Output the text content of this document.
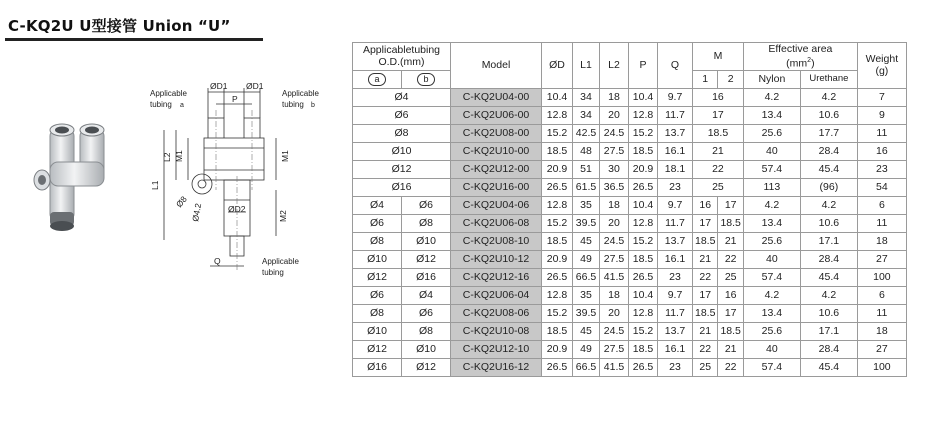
C-KQ2U U型接管 Union “U”
ØD1 ØD1
P
Applicable
tubing a
Applicable
tubing b
L2 M1	M1
L1
M2
ØD2
Q
Ø8
Ø4.2
Applicable
tubing
Applicabletubing O.D.(mm)		Model	ØD	L1	L2	P	Q	M		Effective area
$(mm^2)$		Weight
(g)
a	b										
								1	2	Nylon	Urethane	
Ø4		C-KQ2U04-00	10.4	34	18	10.4	9.7	16		4.2	4.2	7
Ø6		C-KQ2U06-00	12.8	34	20	12.8	11.7	17		13.4	10.6	9
Ø8		C-KQ2U08-00	15.2	42.5	24.5	15.2	13.7	18.5		25.6	17.7	11
Ø10		C-KQ2U10-00	18.5	48	27.5	18.5	16.1	21		40	28.4	16
Ø12		C-KQ2U12-00	20.9	51	30	20.9	18.1	22		57.4	45.4	23
Ø16		C-KQ2U16-00	26.5	61.5	36.5	26.5	23	25		113	(96)	54
Ø4	Ø6	C-KQ2U04-06	12.8	35	18	10.4	9.7	16	17	4.2	4.2	6
Ø6	Ø8	C-KQ2U06-08	15.2	39.5	20	12.8	11.7	17	18.5	13.4	10.6	11
Ø8	Ø10	C-KQ2U08-10	18.5	45	24.5	15.2	13.7	18.5	21	25.6	17.1	18
Ø10	Ø12	C-KQ2U10-12	20.9	49	27.5	18.5	16.1	21	22	40	28.4	27
Ø12	Ø16	C-KQ2U12-16	26.5	66.5	41.5	26.5	23	22	25	57.4	45.4	100
Ø6	Ø4	C-KQ2U06-04	12.8	35	18	10.4	9.7	17	16	4.2	4.2	6
Ø8	Ø6	C-KQ2U08-06	15.2	39.5	20	12.8	11.7	18.5	17	13.4	10.6	11
Ø10	Ø8	C-KQ2U10-08	18.5	45	24.5	15.2	13.7	21	18.5	25.6	17.1	18
Ø12	Ø10	C-KQ2U12-10	20.9	49	27.5	18.5	16.1	22	21	40	28.4	27
Ø16	Ø12	C-KQ2U16-12	26.5	66.5	41.5	26.5	23	25	22	57.4	45.4	100
